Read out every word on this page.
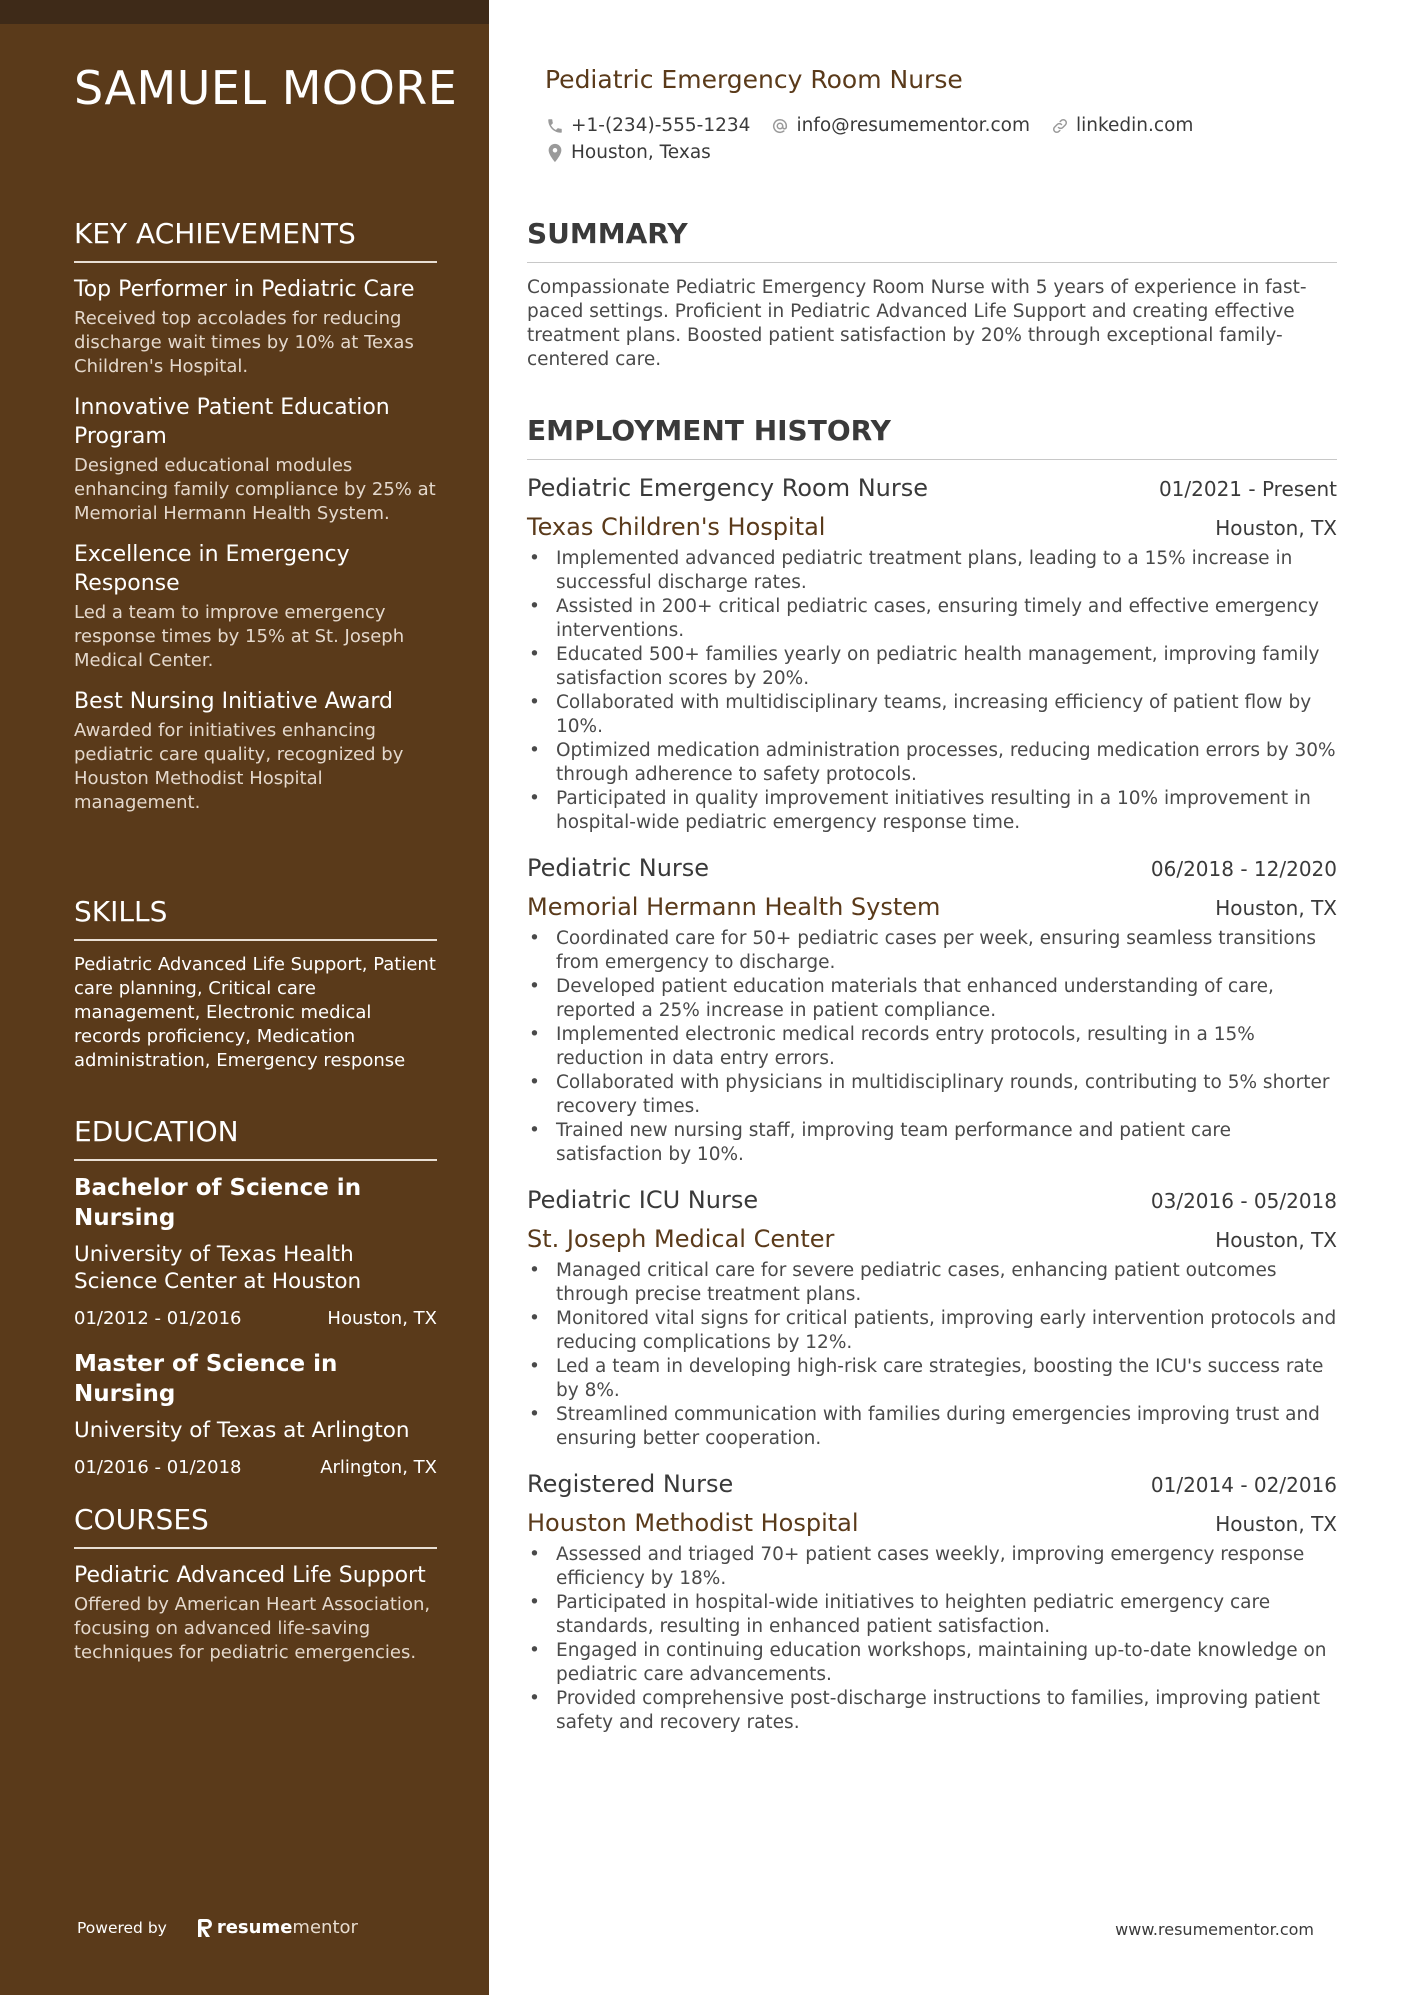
SAMUEL MOORE
KEY ACHIEVEMENTS
Top Performer in Pediatric Care
Received top accolades for reducing discharge wait times by 10% at Texas Children's Hospital.
Innovative Patient Education Program
Designed educational modules enhancing family compliance by 25% at Memorial Hermann Health System.
Excellence in Emergency Response
Led a team to improve emergency response times by 15% at St. Joseph Medical Center.
Best Nursing Initiative Award
Awarded for initiatives enhancing pediatric care quality, recognized by Houston Methodist Hospital management.
SKILLS
Pediatric Advanced Life Support, Patient care planning, Critical care management, Electronic medical records proficiency, Medication administration, Emergency response
EDUCATION
Bachelor of Science in Nursing
University of Texas Health Science Center at Houston
01/2012 - 01/2016	Houston, TX
Master of Science in Nursing
University of Texas at Arlington
01/2016 - 01/2018	Arlington, TX
COURSES
Pediatric Advanced Life Support
Offered by American Heart Association, focusing on advanced life-saving techniques for pediatric emergencies.
Powered by	resume mentor
Pediatric Emergency Room Nurse
+1-(234)-555-1234 info@resumementor.com linkedin.com
Houston, Texas
SUMMARY

Compassionate Pediatric Emergency Room Nurse with 5 years of experience in fast-paced settings. Proficient in Pediatric Advanced Life Support and creating effective treatment plans. Boosted patient satisfaction by 20% through exceptional family-centered care.

EMPLOYMENT HISTORY
Pediatric Emergency Room Nurse	01/2021 - Present
Texas Children's Hospital	Houston, TX
• Implemented advanced pediatric treatment plans, leading to a 15% increase in successful discharge rates.
• Assisted in 200+ critical pediatric cases, ensuring timely and effective emergency interventions.
• Educated 500+ families yearly on pediatric health management, improving family satisfaction scores by 20%.
• Collaborated with multidisciplinary teams, increasing efficiency of patient flow by 10%.
• Optimized medication administration processes, reducing medication errors by 30% through adherence to safety protocols.
• Participated in quality improvement initiatives resulting in a 10% improvement in hospital-wide pediatric emergency response time.
Pediatric Nurse	06/2018 - 12/2020
Memorial Hermann Health System	Houston, TX
• Coordinated care for 50+ pediatric cases per week, ensuring seamless transitions from emergency to discharge.
• Developed patient education materials that enhanced understanding of care, reported a 25% increase in patient compliance.
• Implemented electronic medical records entry protocols, resulting in a 15% reduction in data entry errors.
• Collaborated with physicians in multidisciplinary rounds, contributing to 5% shorter recovery times.
• Trained new nursing staff, improving team performance and patient care satisfaction by 10%.
Pediatric ICU Nurse	03/2016 - 05/2018
St. Joseph Medical Center	Houston, TX
• Managed critical care for severe pediatric cases, enhancing patient outcomes through precise treatment plans.
• Monitored vital signs for critical patients, improving early intervention protocols and reducing complications by 12%.
• Led a team in developing high-risk care strategies, boosting the ICU's success rate by 8%.
• Streamlined communication with families during emergencies improving trust and ensuring better cooperation.
Registered Nurse	01/2014 - 02/2016
Houston Methodist Hospital	Houston, TX
• Assessed and triaged 70+ patient cases weekly, improving emergency response efficiency by 18%.
• Participated in hospital-wide initiatives to heighten pediatric emergency care standards, resulting in enhanced patient satisfaction.
• Engaged in continuing education workshops, maintaining up-to-date knowledge on pediatric care advancements.
• Provided comprehensive post-discharge instructions to families, improving patient safety and recovery rates.
www.resumementor.com
